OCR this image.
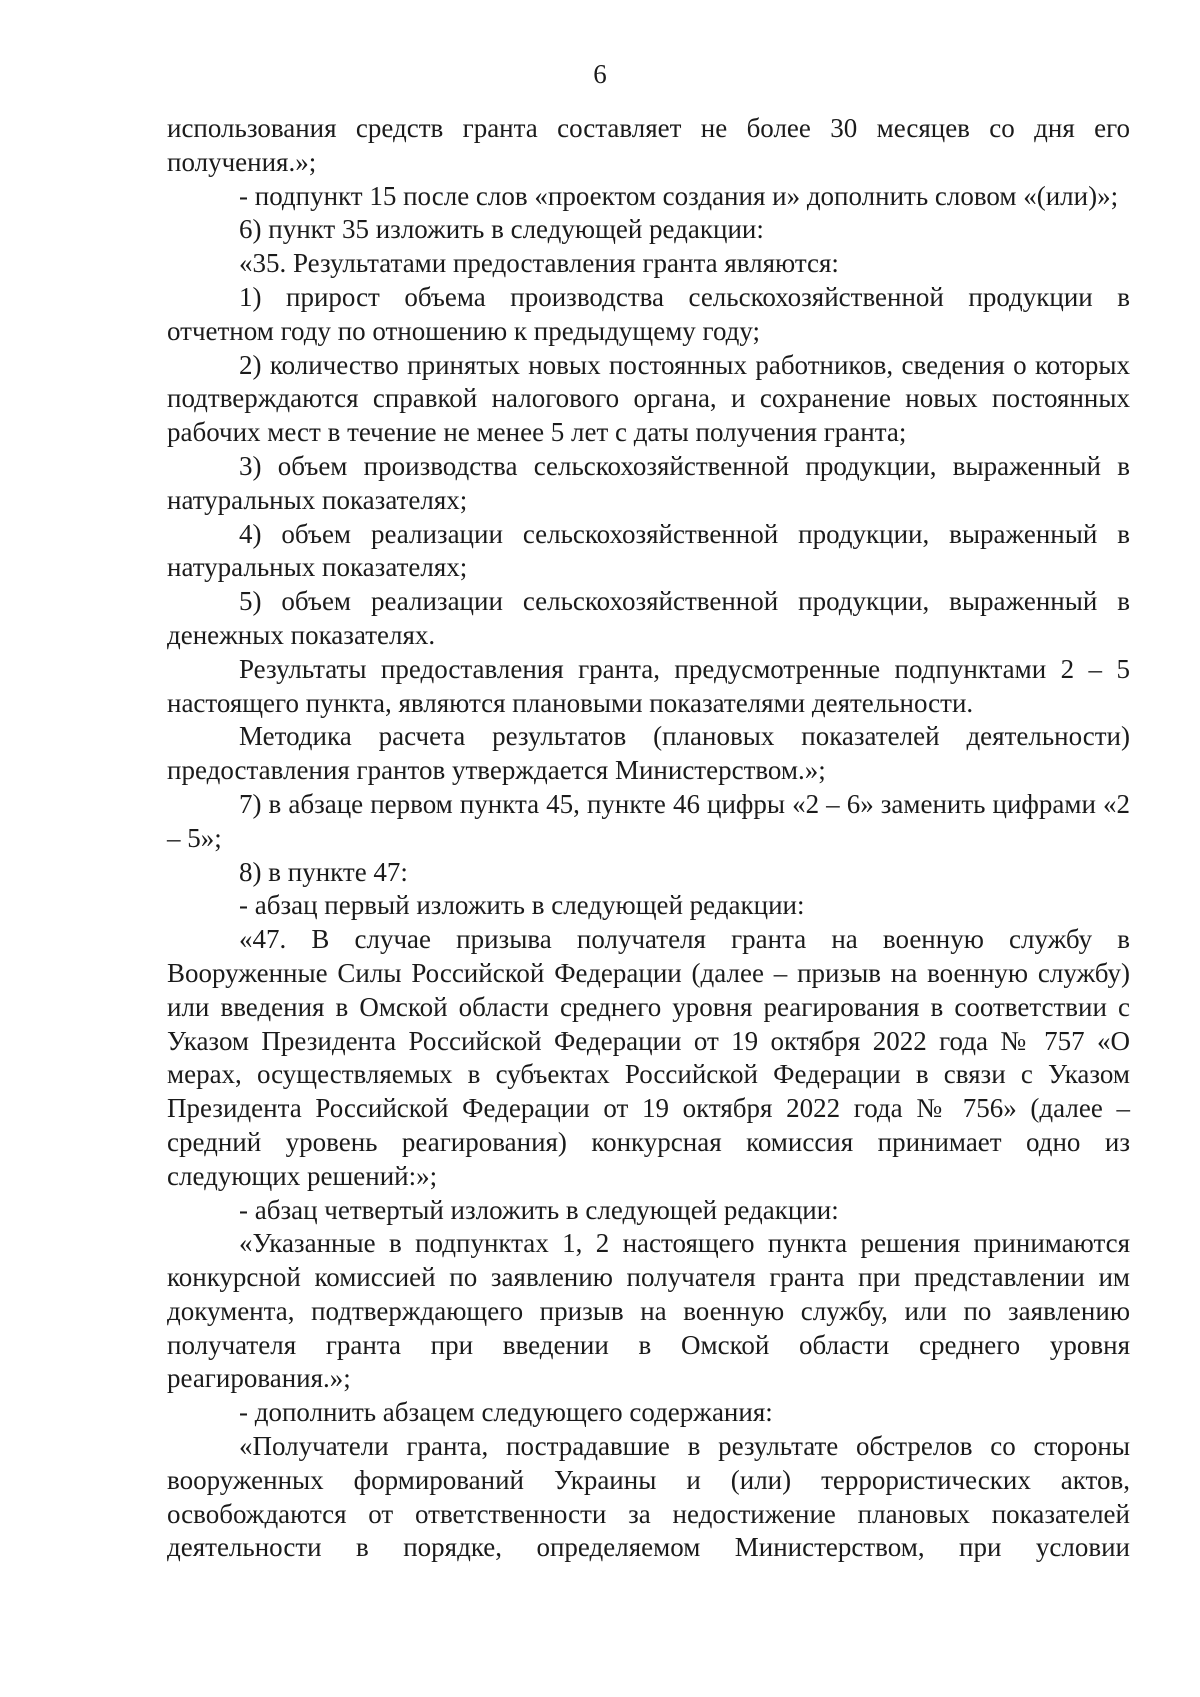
6

использования средств гранта составляет не более 30 месяцев со дня его получения.»;

- подпункт 15 после слов «проектом создания и» дополнить словом «(или)»;

6) пункт 35 изложить в следующей редакции:

«35. Результатами предоставления гранта являются:

1) прирост объема производства сельскохозяйственной продукции в отчетном году по отношению к предыдущему году;

2) количество принятых новых постоянных работников, сведения о которых подтверждаются справкой налогового органа, и сохранение новых постоянных рабочих мест в течение не менее 5 лет с даты получения гранта;

3) объем производства сельскохозяйственной продукции, выраженный в натуральных показателях;

4) объем реализации сельскохозяйственной продукции, выраженный в натуральных показателях;

5) объем реализации сельскохозяйственной продукции, выраженный в денежных показателях.

Результаты предоставления гранта, предусмотренные подпунктами 2 – 5 настоящего пункта, являются плановыми показателями деятельности.

Методика расчета результатов (плановых показателей деятельности) предоставления грантов утверждается Министерством.»;

7) в абзаце первом пункта 45, пункте 46 цифры «2 – 6» заменить цифрами «2 – 5»;

8) в пункте 47:

- абзац первый изложить в следующей редакции:

«47. В случае призыва получателя гранта на военную службу в Вооруженные Силы Российской Федерации (далее – призыв на военную службу) или введения в Омской области среднего уровня реагирования в соответствии с Указом Президента Российской Федерации от 19 октября 2022 года № 757 «О мерах, осуществляемых в субъектах Российской Федерации в связи с Указом Президента Российской Федерации от 19 октября 2022 года № 756» (далее – средний уровень реагирования) конкурсная комиссия принимает одно из следующих решений:»;

- абзац четвертый изложить в следующей редакции:

«Указанные в подпунктах 1, 2 настоящего пункта решения принимаются конкурсной комиссией по заявлению получателя гранта при представлении им документа, подтверждающего призыв на военную службу, или по заявлению получателя гранта при введении в Омской области среднего уровня реагирования.»;

- дополнить абзацем следующего содержания:

«Получатели гранта, пострадавшие в результате обстрелов со стороны вооруженных формирований Украины и (или) террористических актов, освобождаются от ответственности за недостижение плановых показателей деятельности в порядке, определяемом Министерством, при условии
